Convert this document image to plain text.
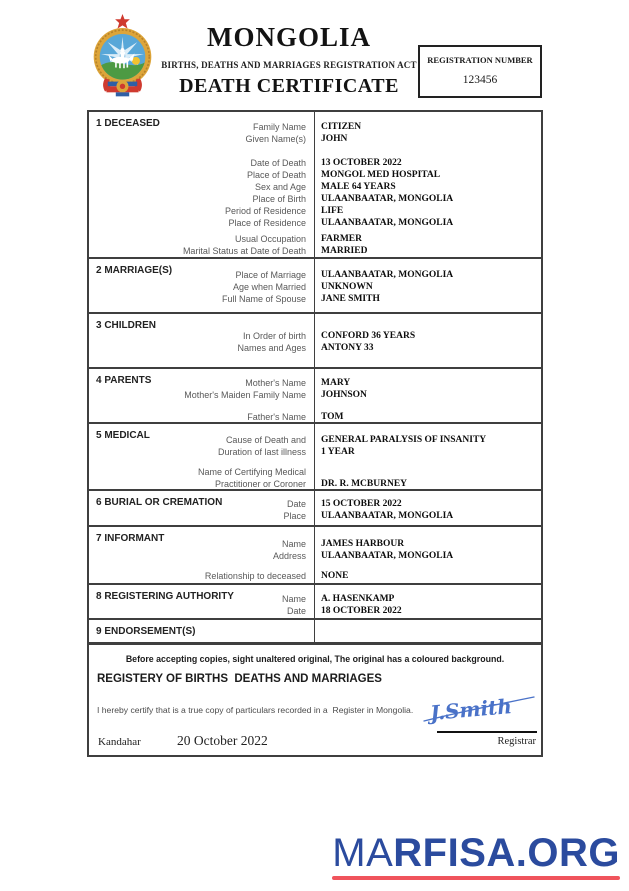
MONGOLIA
BIRTHS, DEATHS AND MARRIAGES REGISTRATION ACT
DEATH CERTIFICATE
REGISTRATION NUMBER
123456
1 DECEASED	Family Name	CITIZEN
Given Name(s)	JOHN
Date of Death	13 OCTOBER 2022
Place of Death	MONGOL MED HOSPITAL
Sex and Age	MALE 64 YEARS
Place of Birth	ULAANBAATAR, MONGOLIA
Period of Residence	LIFE
Place of Residence	ULAANBAATAR, MONGOLIA
Usual Occupation	FARMER
Marital Status at Date of Death	MARRIED
2 MARRIAGE(S)	Place of Marriage	ULAANBAATAR, MONGOLIA
Age when Married	UNKNOWN
Full Name of Spouse	JANE SMITH
3 CHILDREN
In Order of birth	CONFORD 36 YEARS
Names and Ages	ANTONY 33
4 PARENTS	Mother's Name	MARY
Mother's Maiden Family Name	JOHNSON
Father's Name	TOM
5 MEDICAL	Cause of Death and	GENERAL PARALYSIS OF INSANITY
Duration of last illness	1 YEAR
Name of Certifying Medical
Practitioner or Coroner	DR. R. MCBURNEY
6 BURIAL OR CREMATION	Date	15 OCTOBER 2022
Place	ULAANBAATAR, MONGOLIA
7 INFORMANT	Name	JAMES HARBOUR
Address	ULAANBAATAR, MONGOLIA
Relationship to deceased	NONE
8 REGISTERING AUTHORITY	Name	A. HASENKAMP
Date	18 OCTOBER 2022
9 ENDORSEMENT(S)
Before accepting copies, sight unaltered original, The original has a coloured background.
REGISTERY OF BIRTHS  DEATHS AND MARRIAGES
I hereby certify that is a true copy of particulars recorded in a  Register in Mongolia. J.Smith
Registrar
Kandahar	20 October 2022
MARFISA.ORG
